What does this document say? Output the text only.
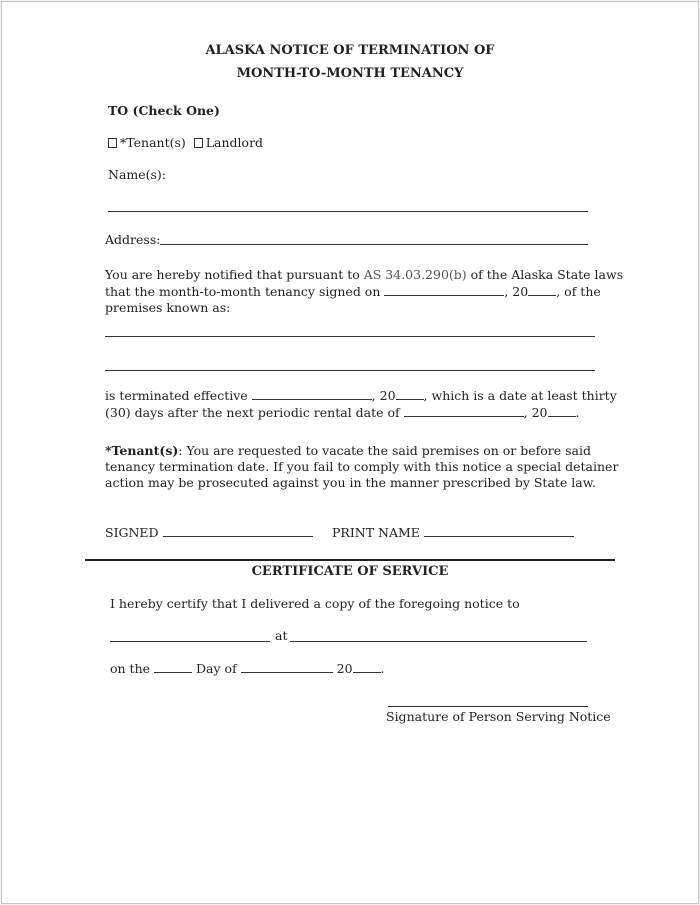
ALASKA NOTICE OF TERMINATION OF
MONTH-TO-MONTH TENANCY
TO (Check One)
*Tenant(s) Landlord
Name(s):
Address:
You are hereby notified that pursuant to AS 34.03.290(b) of the Alaska State laws
that the month-to-month tenancy signed on	, 20 , of the
premises known as:
is terminated effective	, 20 , which is a date at least thirty
(30) days after the next periodic rental date of	, 20 .
*Tenant(s): You are requested to vacate the said premises on or before said
tenancy termination date. If you fail to comply with this notice a special detainer
action may be prosecuted against you in the manner prescribed by State law.
SIGNED	PRINT NAME
CERTIFICATE OF SERVICE
I hereby certify that I delivered a copy of the foregoing notice to
at
on the	Day of	20 .
Signature of Person Serving Notice
